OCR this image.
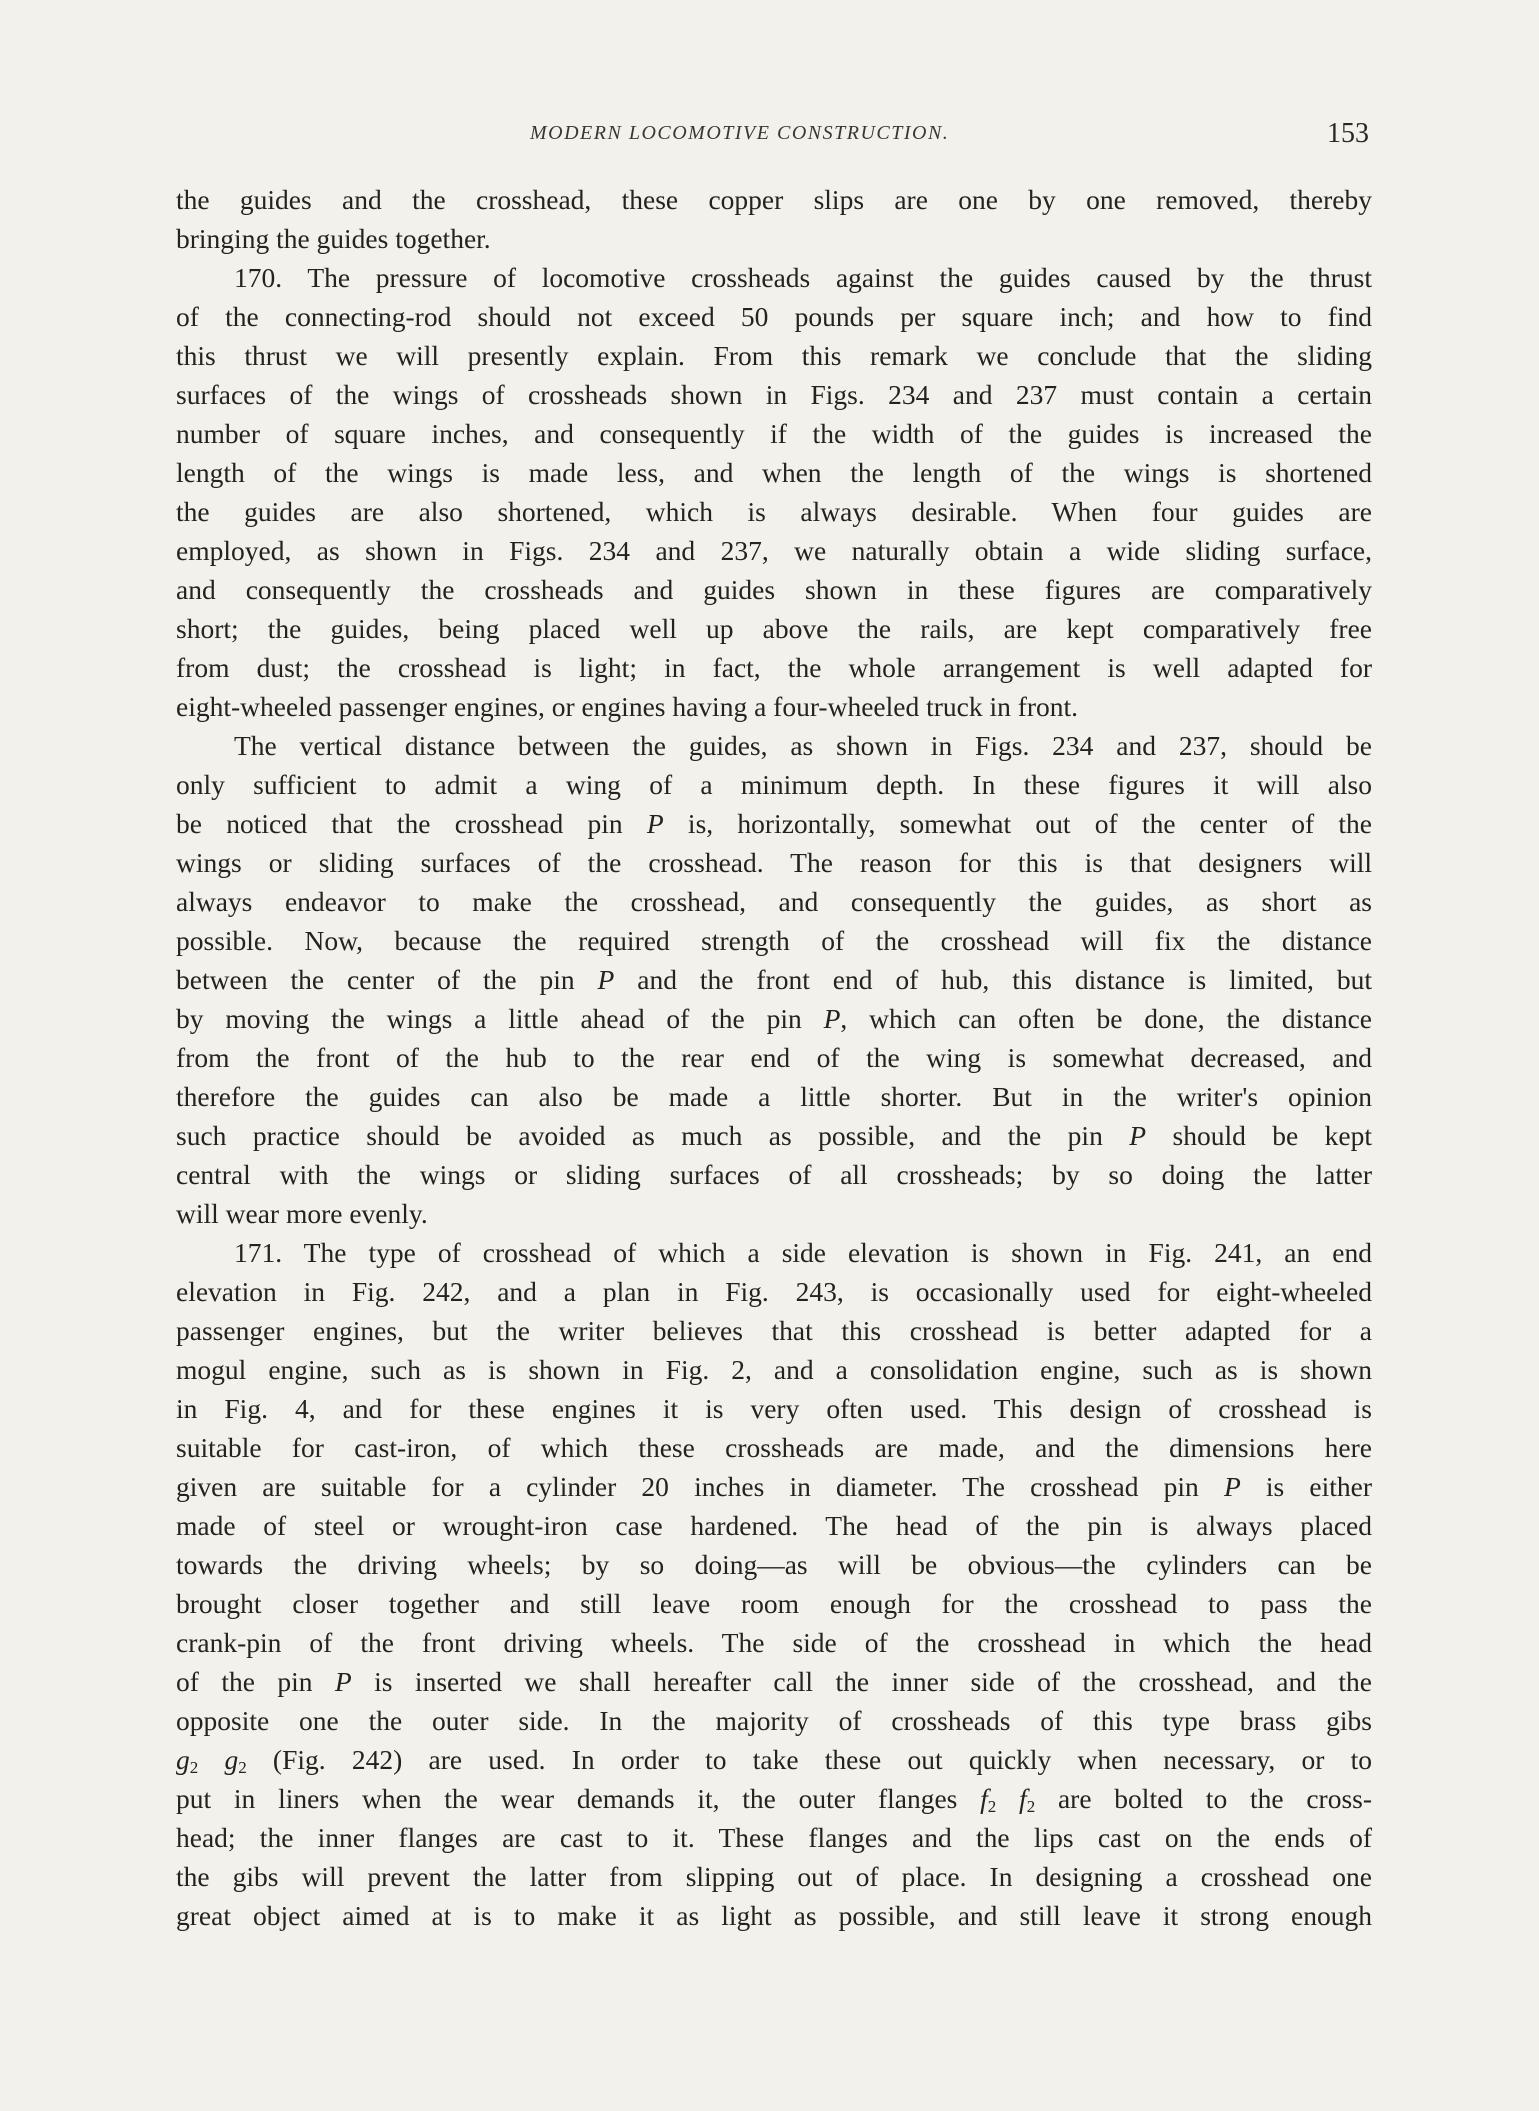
MODERN LOCOMOTIVE CONSTRUCTION.	153
the guides and the crosshead, these copper slips are one by one removed, thereby
bringing the guides together.
170. The pressure of locomotive crossheads against the guides caused by the thrust
of the connecting-rod should not exceed 50 pounds per square inch; and how to find
this thrust we will presently explain. From this remark we conclude that the sliding
surfaces of the wings of crossheads shown in Figs. 234 and 237 must contain a certain
number of square inches, and consequently if the width of the guides is increased the
length of the wings is made less, and when the length of the wings is shortened
the guides are also shortened, which is always desirable. When four guides are
employed, as shown in Figs. 234 and 237, we naturally obtain a wide sliding surface,
and consequently the crossheads and guides shown in these figures are comparatively
short; the guides, being placed well up above the rails, are kept comparatively free
from dust; the crosshead is light; in fact, the whole arrangement is well adapted for
eight-wheeled passenger engines, or engines having a four-wheeled truck in front.
The vertical distance between the guides, as shown in Figs. 234 and 237, should be
only sufficient to admit a wing of a minimum depth. In these figures it will also
be noticed that the crosshead pin P is, horizontally, somewhat out of the center of the
wings or sliding surfaces of the crosshead. The reason for this is that designers will
always endeavor to make the crosshead, and consequently the guides, as short as
possible. Now, because the required strength of the crosshead will fix the distance
between the center of the pin P and the front end of hub, this distance is limited, but
by moving the wings a little ahead of the pin P, which can often be done, the distance
from the front of the hub to the rear end of the wing is somewhat decreased, and
therefore the guides can also be made a little shorter. But in the writer's opinion
such practice should be avoided as much as possible, and the pin P should be kept
central with the wings or sliding surfaces of all crossheads; by so doing the latter
will wear more evenly.
171. The type of crosshead of which a side elevation is shown in Fig. 241, an end
elevation in Fig. 242, and a plan in Fig. 243, is occasionally used for eight-wheeled
passenger engines, but the writer believes that this crosshead is better adapted for a
mogul engine, such as is shown in Fig. 2, and a consolidation engine, such as is shown
in Fig. 4, and for these engines it is very often used. This design of crosshead is
suitable for cast-iron, of which these crossheads are made, and the dimensions here
given are suitable for a cylinder 20 inches in diameter. The crosshead pin P is either
made of steel or wrought-iron case hardened. The head of the pin is always placed
towards the driving wheels; by so doing—as will be obvious—the cylinders can be
brought closer together and still leave room enough for the crosshead to pass the
crank-pin of the front driving wheels. The side of the crosshead in which the head
of the pin P is inserted we shall hereafter call the inner side of the crosshead, and the
opposite one the outer side. In the majority of crossheads of this type brass gibs
$g_2$ $g_2$ (Fig. 242) are used. In order to take these out quickly when necessary, or to
put in liners when the wear demands it, the outer flanges $f_2$ $f_2$ are bolted to the cross-
head; the inner flanges are cast to it. These flanges and the lips cast on the ends of
the gibs will prevent the latter from slipping out of place. In designing a crosshead one
great object aimed at is to make it as light as possible, and still leave it strong enough
